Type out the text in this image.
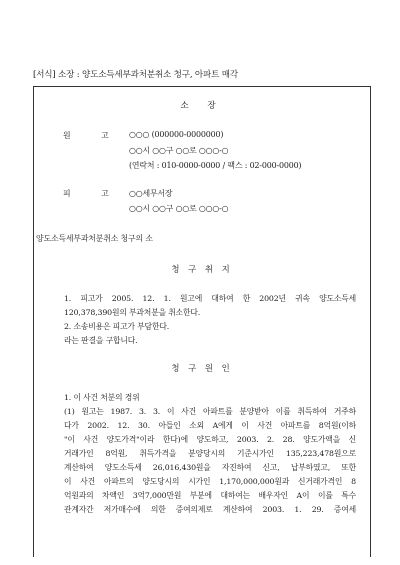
[서식] 소장 : 양도소득세부과처분취소 청구, 아파트 매각
소 장
원 고 ○○○ (000000-0000000)
○○시 ○○구 ○○로 ○○○-○
(연락처 : 010-0000-0000 / 팩스 : 02-000-0000)
피 고 ○○세무서장
○○시 ○○구 ○○로 ○○○-○
양도소득세부과처분취소 청구의 소
청 구 취 지
1. 피고가 2005. 12. 1. 원고에 대하여 한 2002년 귀속 양도소득세
120,378,390원의 부과처분을 취소한다.
2. 소송비용은 피고가 부담한다.
라는 판결을 구합니다.
청 구 원 인
1. 이 사건 처분의 경위
(1) 원고는 1987. 3. 3. 이 사건 아파트를 분양받아 이를 취득하여 거주하
다가 2002. 12. 30. 아들인 소외 A에게 이 사건 아파트를 8억원(이하
"이 사건 양도가격"이라 한다)에 양도하고, 2003. 2. 28. 양도가액을 신
거래가인 8억원, 취득가격을 분양당시의 기준시가인 135,223,478원으로
계산하여 양도소득세 26,016,430원을 자진하여 신고, 납부하였고, 또한
이 사건 아파트의 양도당시의 시가인 1,170,000,000원과 신거래가격인 8
억원과의 차액인 3억7,000만원 부분에 대하여는 배우자인 A이 이를 특수
관계자간 저가매수에 의한 증여의제로 계산하여 2003. 1. 29. 증여세
